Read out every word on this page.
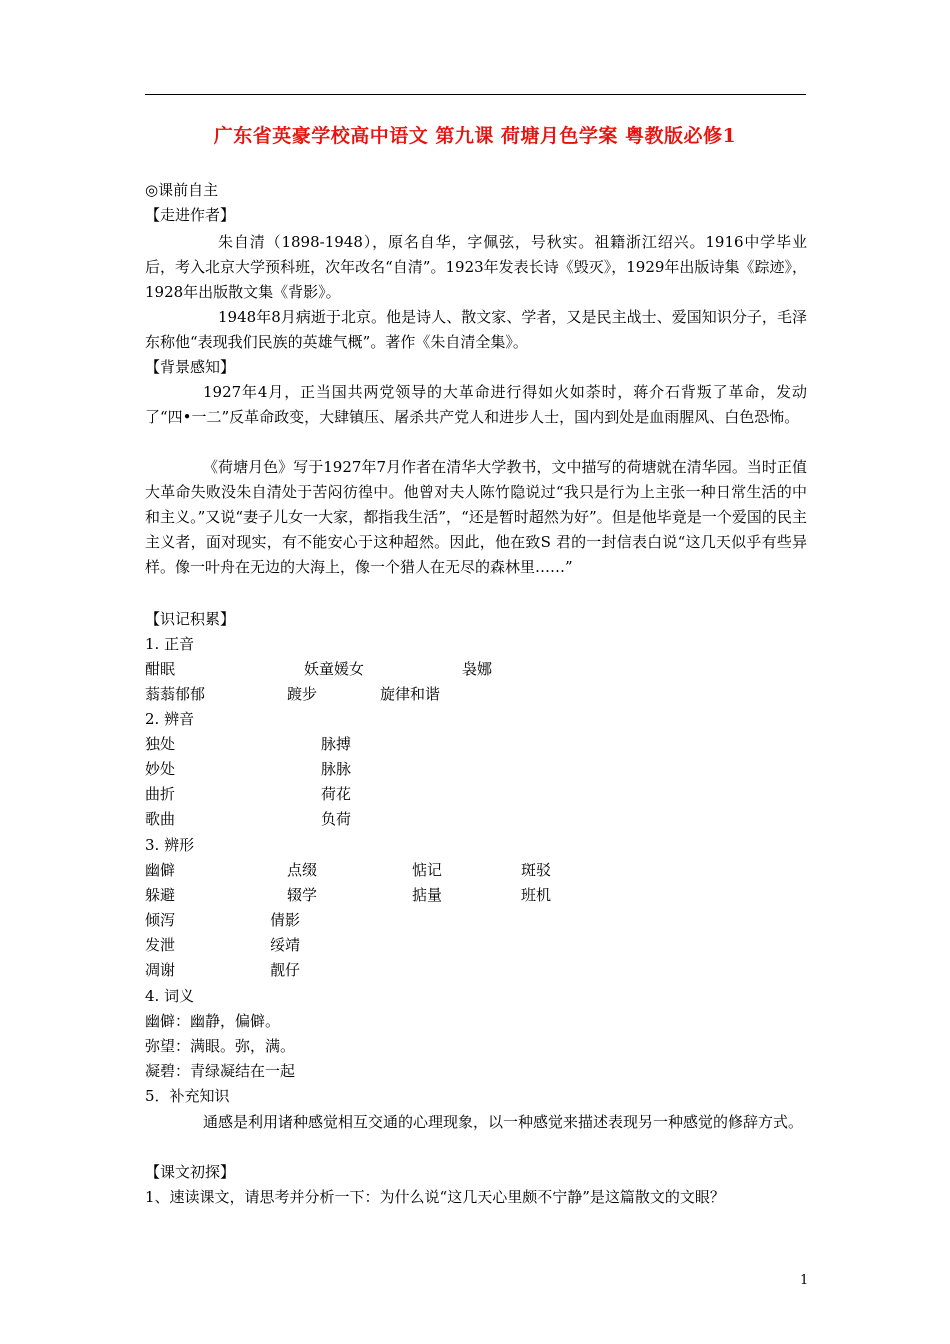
广东省英豪学校高中语文 第九课 荷塘月色学案 粤教版必修1
◎课前自主
【走进作者】
朱自清（1898-1948），原名自华，字佩弦，号秋实。祖籍浙江绍兴。1916中学毕业后，考入北京大学预科班，次年改名“自清”。1923年发表长诗《毁灭》，1929年出版诗集《踪迹》，1928年出版散文集《背影》。
1948年8月病逝于北京。他是诗人、散文家、学者，又是民主战士、爱国知识分子，毛泽东称他“表现我们民族的英雄气概”。著作《朱自清全集》。
【背景感知】
1927年4月，正当国共两党领导的大革命进行得如火如荼时，蒋介石背叛了革命，发动了“四•一二”反革命政变，大肆镇压、屠杀共产党人和进步人士，国内到处是血雨腥风、白色恐怖。
《荷塘月色》写于1927年7月作者在清华大学教书，文中描写的荷塘就在清华园。当时正值大革命失败没朱自清处于苦闷彷徨中。他曾对夫人陈竹隐说过“我只是行为上主张一种日常生活的中和主义。”又说“妻子儿女一大家，都指我生活”，“还是暂时超然为好”。但是他毕竟是一个爱国的民主主义者，面对现实，有不能安心于这种超然。因此，他在致S 君的一封信表白说“这几天似乎有些异样。像一叶舟在无边的大海上，像一个猎人在无尽的森林里……”
【识记积累】
1. 正音
酣眠	妖童媛女	袅娜
蓊蓊郁郁	踱步	旋律和谐
2. 辨音
独处	脉搏
妙处	脉脉
曲折	荷花
歌曲	负荷
3. 辨形
幽僻	点缀	惦记	斑驳
躲避	辍学	掂量	班机
倾泻	倩影
发泄	绥靖
凋谢	靓仔
4. 词义
幽僻：幽静，偏僻。
弥望：满眼。弥，满。
凝碧：青绿凝结在一起
5．补充知识
通感是利用诸种感觉相互交通的心理现象，以一种感觉来描述表现另一种感觉的修辞方式。
【课文初探】
1、速读课文，请思考并分析一下：为什么说“这几天心里颇不宁静”是这篇散文的文眼？
1
